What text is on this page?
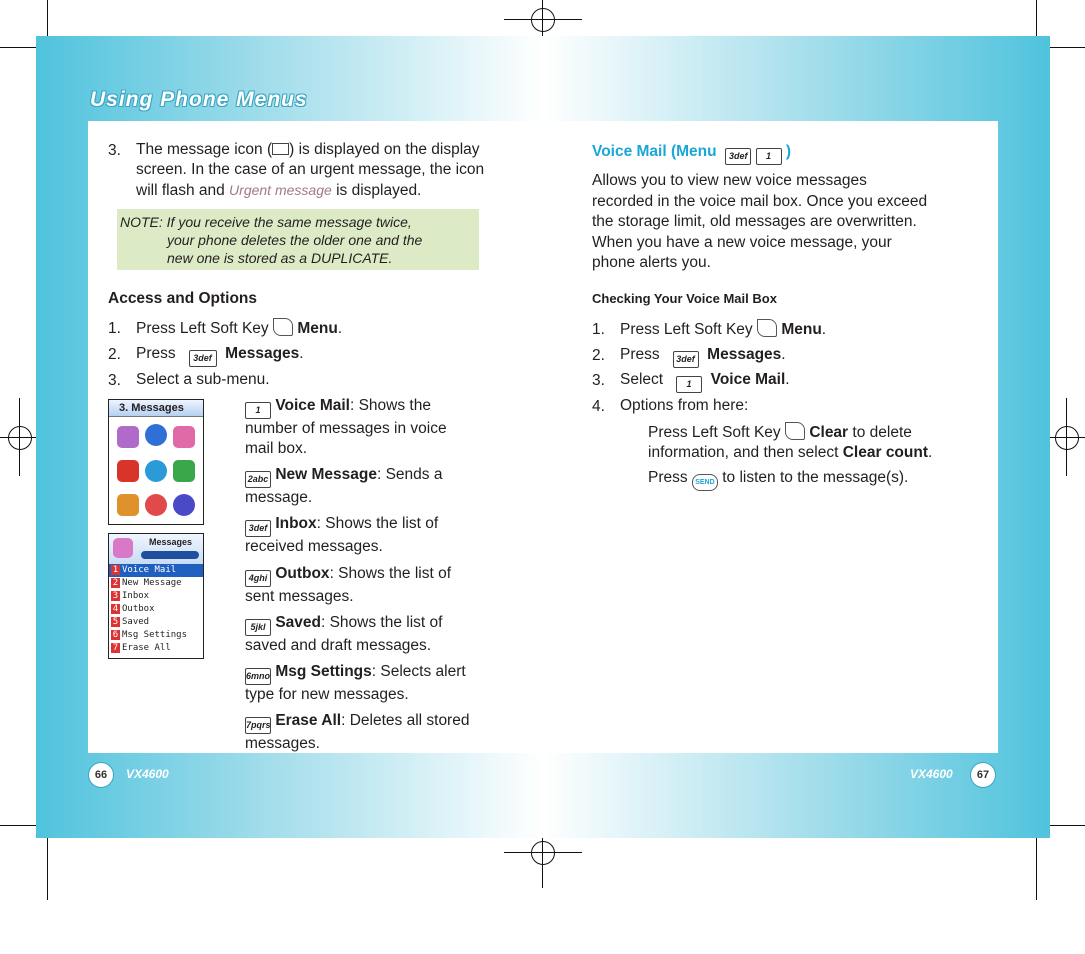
Using Phone Menus
3. The message icon ( ) is displayed on the display
screen. In the case of an urgent message, the icon
will flash and Urgent message is displayed.
NOTE: If you receive the same message twice,
your phone deletes the older one and the
new one is stored as a DUPLICATE.
Access and Options
1. Press Left Soft Key Menu.
2. Press 3def Messages.
3. Select a sub-menu.
3. Messages
Messages
1 Voice Mail
2 New Message
3 Inbox
4 Outbox
5 Saved
6 Msg Settings
7 Erase All
1 Voice Mail: Shows the
number of messages in voice
mail box.
2abc New Message: Sends a
message.
3def Inbox: Shows the list of
received messages.
4ghi Outbox: Shows the list of
sent messages.
5jkl Saved: Shows the list of
saved and draft messages.
6mno Msg Settings: Selects alert
type for new messages.
7pqrs Erase All: Deletes all stored
messages.
Voice Mail (Menu 3def 1 )
Allows you to view new voice messages
recorded in the voice mail box. Once you exceed
the storage limit, old messages are overwritten.
When you have a new voice message, your
phone alerts you.
Checking Your Voice Mail Box
1. Press Left Soft Key Menu.
2. Press 3def Messages.
3. Select	1 Voice Mail.
4. Options from here:
Press Left Soft Key Clear to delete
information, and then select Clear count.
Press SEND to listen to the message(s).
66	VX4600	VX4600	67
